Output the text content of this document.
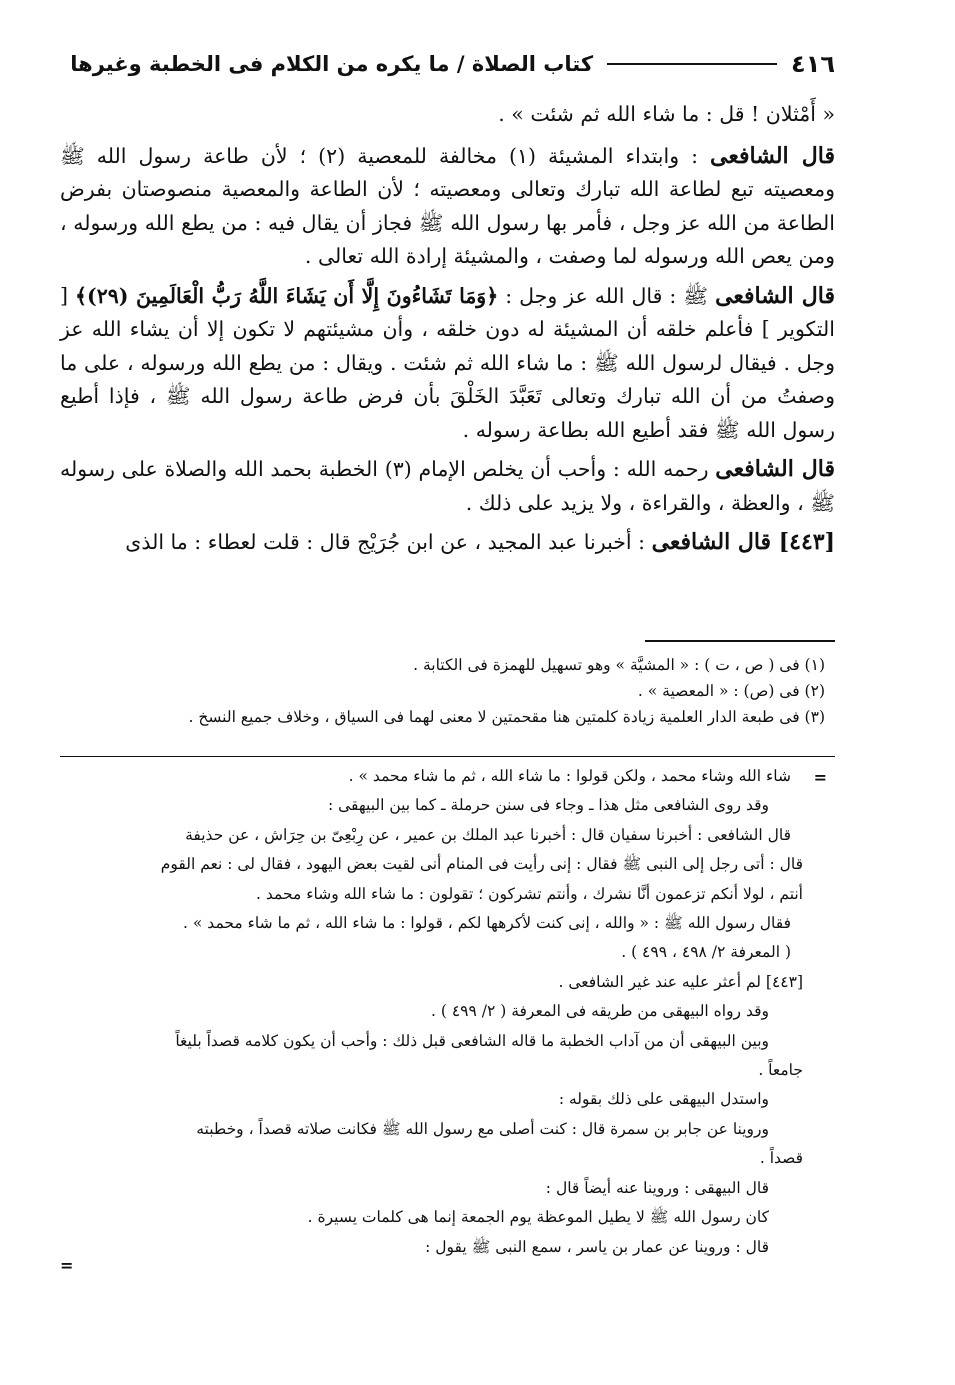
٤١٦
كتاب الصلاة / ما يكره من الكلام فى الخطبة وغيرها

« أَمْثلان ! قل : ما شاء الله ثم شئت » .

قال الشافعى : وابتداء المشيئة (١) مخالفة للمعصية (٢) ؛ لأن طاعة رسول الله ﷺ ومعصيته تبع لطاعة الله تبارك وتعالى ومعصيته ؛ لأن الطاعة والمعصية منصوصتان بفرض الطاعة من الله عز وجل ، فأمر بها رسول الله ﷺ فجاز أن يقال فيه : من يطع الله ورسوله ، ومن يعص الله ورسوله لما وصفت ، والمشيئة إرادة الله تعالى .

قال الشافعى ﷺ : قال الله عز وجل : ﴿وَمَا تَشَاءُونَ إِلَّا أَن يَشَاءَ اللَّهُ رَبُّ الْعَالَمِينَ (٢٩)﴾ [ التكوير ] فأعلم خلقه أن المشيئة له دون خلقه ، وأن مشيئتهم لا تكون إلا أن يشاء الله عز وجل . فيقال لرسول الله ﷺ : ما شاء الله ثم شئت . ويقال : من يطع الله ورسوله ، على ما وصفتُ من أن الله تبارك وتعالى تَعَبَّدَ الخَلْقَ بأن فرض طاعة رسول الله ﷺ ، فإذا أطيع رسول الله ﷺ فقد أطيع الله بطاعة رسوله .

قال الشافعى رحمه الله : وأحب أن يخلص الإمام (٣) الخطبة بحمد الله والصلاة على رسوله ﷺ ، والعظة ، والقراءة ، ولا يزيد على ذلك .

[٤٤٣] قال الشافعى : أخبرنا عبد المجيد ، عن ابن جُرَيْج قال : قلت لعطاء : ما الذى

(١) فى ( ص ، ت ) : « المشيَّة » وهو تسهيل للهمزة فى الكتابة .
(٢) فى (ص) : « المعصية » .
(٣) فى طبعة الدار العلمية زيادة كلمتين هنا مقحمتين لا معنى لهما فى السياق ، وخلاف جميع النسخ .
=
شاء الله وشاء محمد ، ولكن قولوا : ما شاء الله ، ثم ما شاء محمد » .
وقد روى الشافعى مثل هذا ـ وجاء فى سنن حرملة ـ كما بين البيهقى :
قال الشافعى : أخبرنا سفيان قال : أخبرنا عبد الملك بن عمير ، عن رِبْعِىّ بن حِرَاش ، عن حذيفة
قال : أتى رجل إلى النبى ﷺ فقال : إنى رأيت فى المنام أنى لقيت بعض اليهود ، فقال لى : نعم القوم
أنتم ، لولا أنكم تزعمون أنَّا نشرك ، وأنتم تشركون ؛ تقولون : ما شاء الله وشاء محمد .
فقال رسول الله ﷺ : « والله ، إنى كنت لأكرهها لكم ، قولوا : ما شاء الله ، ثم ما شاء محمد » .
( المعرفة ٢/ ٤٩٨ ، ٤٩٩ ) .
[٤٤٣] لم أعثر عليه عند غير الشافعى .
وقد رواه البيهقى من طريقه فى المعرفة ( ٢/ ٤٩٩ ) .
وبين البيهقى أن من آداب الخطبة ما قاله الشافعى قبل ذلك : وأحب أن يكون كلامه قصداً بليغاً
جامعاً .
واستدل البيهقى على ذلك بقوله :
وروينا عن جابر بن سمرة قال : كنت أصلى مع رسول الله ﷺ فكانت صلاته قصداً ، وخطبته
قصداً .
قال البيهقى : وروينا عنه أيضاً قال :
كان رسول الله ﷺ لا يطيل الموعظة يوم الجمعة إنما هى كلمات يسيرة .
قال : وروينا عن عمار بن ياسر ، سمع النبى ﷺ يقول :
=
